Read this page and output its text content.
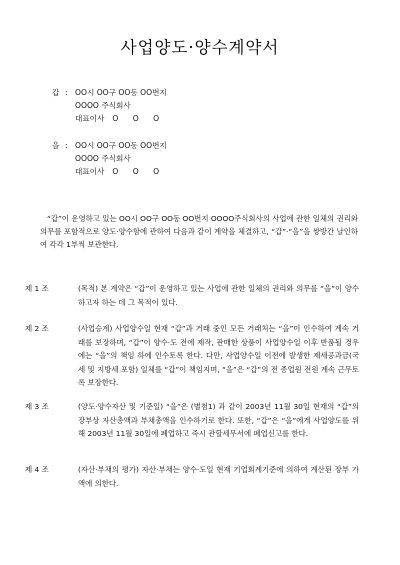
사업양도·양수계약서
갑 : OO시 OO구 OO동 OO번지
OOOO 주식회사
대표이사 O O O
을 : OO시 OO구 OO동 OO번지
OOOO 주식회사
대표이사 O O O
“갑”이 운영하고 있는 OO시 OO구 OO동 OO번지 OOOO주식회사의 사업에 관한 일체의 권리와 의무를 포함적으로 양도·양수함에 관하여 다음과 같이 계약을 체결하고, “갑”·“을”을 쌍방간 날인하여 각각 1부씩 보관한다.
제 1 조	(목적) 본 계약은 “갑”이 운영하고 있는 사업에 관한 일체의 권리와 의무를 “을”이 양수하고자 하는 데 그 목적이 있다.
제 2 조	(사업승계) 사업양수일 현재 “갑”과 거래 중인 모든 거래처는 “을”이 인수하여 계속 거래를 보장하며, “갑”이 양수·도 전에 제작, 판매한 상품이 사업양수일 이후 반품될 경우에는 “을”의 책임 하에 인수토록 한다. 다만, 사업양수일 이전에 발생한 제세공과금(국세 및 지방세 포함) 일체를 “갑”이 책임지며, “을”은 “갑”의 전 종업원 전원 계속 근무토록 보장한다.
제 3 조	(양도·양수자산 및 기준일) “을”은 (별첨1) 과 같이 2003년 11월 30일 현재의 “갑”의 장부상 자산총액과 부채총액을 인수하기로 한다. 또한, “갑”은 “을”에게 사업양도를 위해 2003년 11월 30일에 폐업하고 즉시 관할세무서에 폐업신고를 한다.
제 4 조	(자산·부채의 평가) 자산·부채는 양수·도일 현재 기업회계기준에 의하여 계산된 장부 가액에 의한다.
